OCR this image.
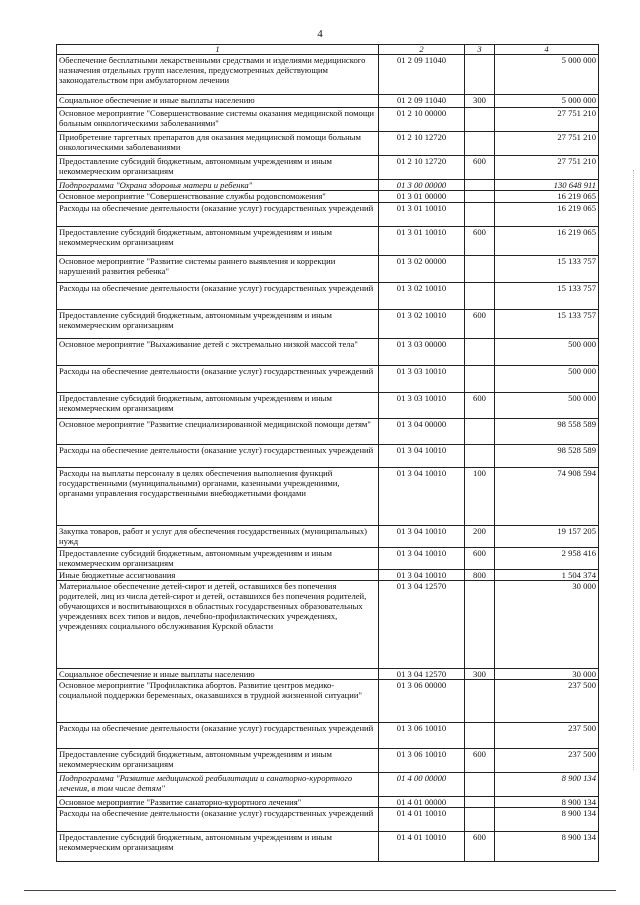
4
1	2	3	4
Обеспечение бесплатными лекарственными средствами и изделиями медицинского назначения отдельных групп населения, предусмотренных действующим законодательством при амбулаторном лечении	01 2 09 11040		5 000 000
Социальное обеспечение и иные выплаты населению	01 2 09 11040	300	5 000 000
Основное мероприятие "Совершенствование системы оказания медицинской помощи больным онкологическими заболеваниями"	01 2 10 00000		27 751 210
Приобретение таргетных препаратов для оказания медицинской помощи больным онкологическими заболеваниями	01 2 10 12720		27 751 210
Предоставление субсидий бюджетным, автономным учреждениям и иным некоммерческим организациям	01 2 10 12720	600	27 751 210
Подпрограмма "Охрана здоровья матери и ребенка"	01 3 00 00000		130 648 911
Основное мероприятие "Совершенствование службы родовспоможения"	01 3 01 00000		16 219 065
Расходы на обеспечение деятельности (оказание услуг) государственных учреждений	01 3 01 10010		16 219 065
Предоставление субсидий бюджетным, автономным учреждениям и иным некоммерческим организациям	01 3 01 10010	600	16 219 065
Основное мероприятие "Развитие системы раннего выявления и коррекции нарушений развития ребенка"	01 3 02 00000		15 133 757
Расходы на обеспечение деятельности (оказание услуг) государственных учреждений	01 3 02 10010		15 133 757
Предоставление субсидий бюджетным, автономным учреждениям и иным некоммерческим организациям	01 3 02 10010	600	15 133 757
Основное мероприятие "Выхаживание детей с экстремально низкой массой тела"	01 3 03 00000		500 000
Расходы на обеспечение деятельности (оказание услуг) государственных учреждений	01 3 03 10010		500 000
Предоставление субсидий бюджетным, автономным учреждениям и иным некоммерческим организациям	01 3 03 10010	600	500 000
Основное мероприятие "Развитие специализированной медицинской помощи детям"	01 3 04 00000		98 558 589
Расходы на обеспечение деятельности (оказание услуг) государственных учреждений	01 3 04 10010		98 528 589
Расходы на выплаты персоналу в целях обеспечения выполнения функций государственными (муниципальными) органами, казенными учреждениями, органами управления государственными внебюджетными фондами	01 3 04 10010	100	74 908 594
Закупка товаров, работ и услуг для обеспечения государственных (муниципальных) нужд	01 3 04 10010	200	19 157 205
Предоставление субсидий бюджетным, автономным учреждениям и иным некоммерческим организациям	01 3 04 10010	600	2 958 416
Иные бюджетные ассигнования	01 3 04 10010	800	1 504 374
Материальное обеспечение детей-сирот и детей, оставшихся без попечения родителей, лиц из числа детей-сирот и детей, оставшихся без попечения родителей, обучающихся и воспитывающихся в областных государственных образовательных учреждениях всех типов и видов, лечебно-профилактических учреждениях, учреждениях социального обслуживания Курской области	01 3 04 12570		30 000
Социальное обеспечение и иные выплаты населению	01 3 04 12570	300	30 000
Основное мероприятие "Профилактика абортов. Развитие центров медико-социальной поддержки беременных, оказавшихся в трудной жизненной ситуации"	01 3 06 00000		237 500
Расходы на обеспечение деятельности (оказание услуг) государственных учреждений	01 3 06 10010		237 500
Предоставление субсидий бюджетным, автономным учреждениям и иным некоммерческим организациям	01 3 06 10010	600	237 500
Подпрограмма "Развитие медицинской реабилитации и санаторно-курортного лечения, в том числе детям"	01 4 00 00000		8 900 134
Основное мероприятие "Развитие санаторно-курортного лечения"	01 4 01 00000		8 900 134
Расходы на обеспечение деятельности (оказание услуг) государственных учреждений	01 4 01 10010		8 900 134
Предоставление субсидий бюджетным, автономным учреждениям и иным некоммерческим организациям	01 4 01 10010	600	8 900 134
